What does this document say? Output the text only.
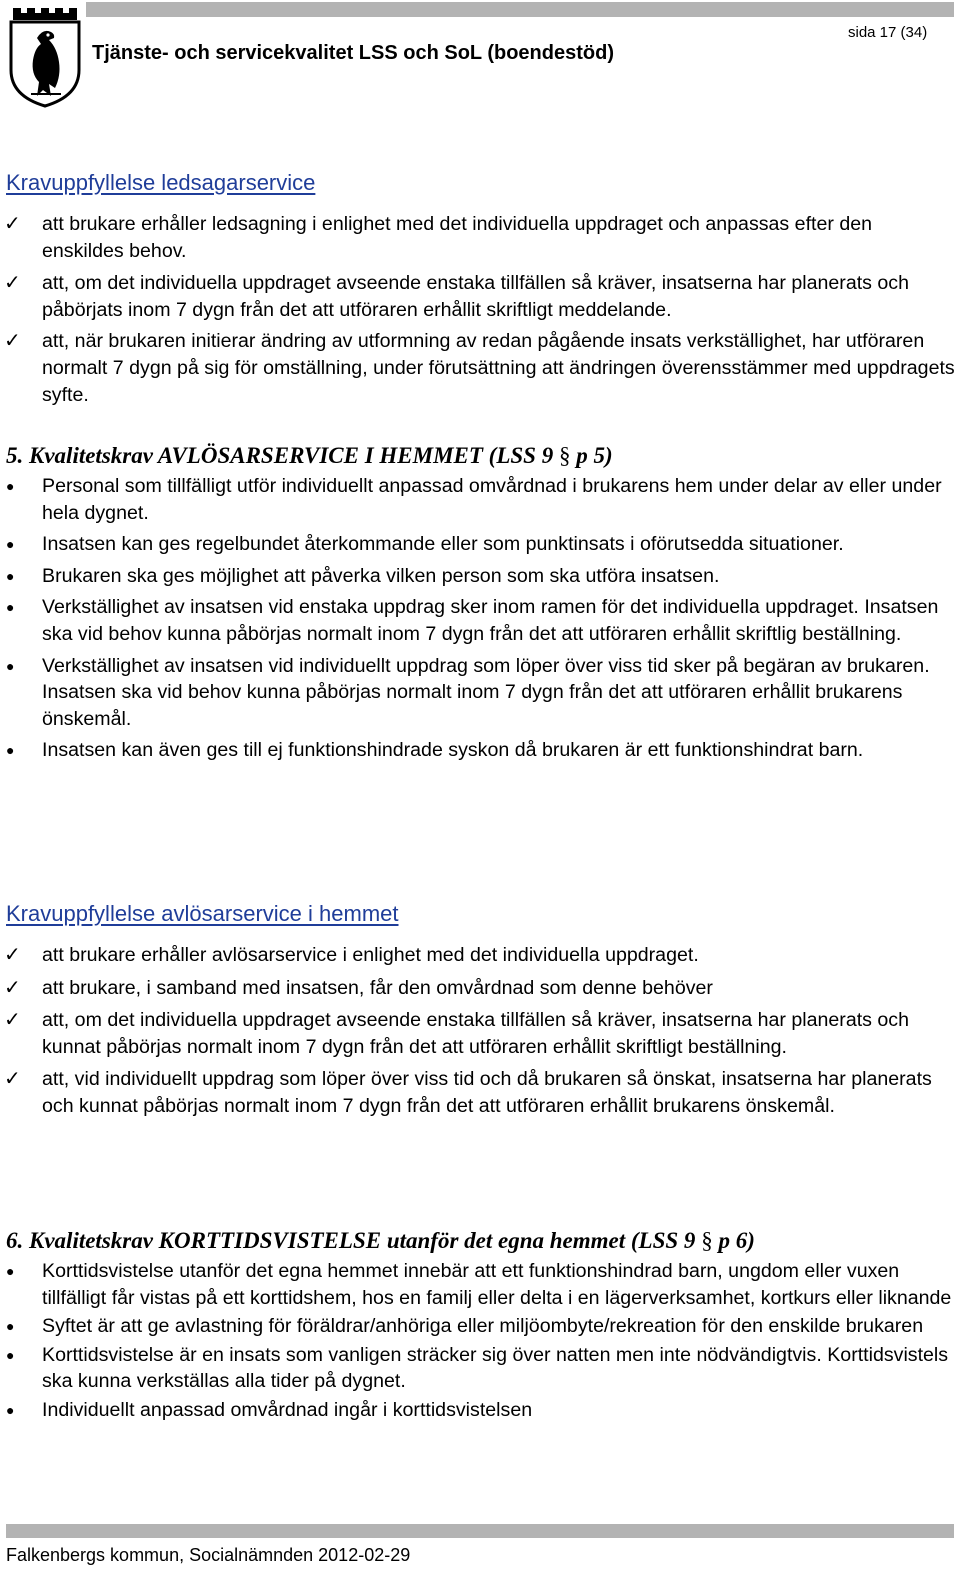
Tjänste- och servicekvalitet LSS och SoL (boendestöd)
sida 17 (34)
Kravuppfyllelse ledsagarservice
✓	att brukare erhåller ledsagning i enlighet med det individuella uppdraget och anpassas efter den enskildes behov.
✓	att, om det individuella uppdraget avseende enstaka tillfällen så kräver, insatserna har planerats och påbörjats inom 7 dygn från det att utföraren erhållit skriftligt meddelande.
✓	att, när brukaren initierar ändring av utformning av redan pågående insats verkställighet, har utföraren normalt 7 dygn på sig för omställning, under förutsättning att ändringen överensstämmer med uppdragets syfte.
5. Kvalitetskrav AVLÖSARSERVICE I HEMMET (LSS 9 § p 5)
●	Personal som tillfälligt utför individuellt anpassad omvårdnad i brukarens hem under delar av eller under hela dygnet.
●	Insatsen kan ges regelbundet återkommande eller som punktinsats i oförutsedda situationer.
●	Brukaren ska ges möjlighet att påverka vilken person som ska utföra insatsen.
●	Verkställighet av insatsen vid enstaka uppdrag sker inom ramen för det individuella uppdraget. Insatsen ska vid behov kunna påbörjas normalt inom 7 dygn från det att utföraren erhållit skriftlig beställning.
●	Verkställighet av insatsen vid individuellt uppdrag som löper över viss tid sker på begäran av brukaren. Insatsen ska vid behov kunna påbörjas normalt inom 7 dygn från det att utföraren erhållit brukarens önskemål.
●	Insatsen kan även ges till ej funktionshindrade syskon då brukaren är ett funktionshindrat barn.
Kravuppfyllelse avlösarservice i hemmet
✓	att brukare erhåller avlösarservice i enlighet med det individuella uppdraget.
✓	att brukare, i samband med insatsen, får den omvårdnad som denne behöver
✓	att, om det individuella uppdraget avseende enstaka tillfällen så kräver, insatserna har planerats och kunnat påbörjas normalt inom 7 dygn från det att utföraren erhållit skriftligt beställning.
✓	att, vid individuellt uppdrag som löper över viss tid och då brukaren så önskat, insatserna har planerats och kunnat påbörjas normalt inom 7 dygn från det att utföraren erhållit brukarens önskemål.
6. Kvalitetskrav KORTTIDSVISTELSE utanför det egna hemmet (LSS 9 § p 6)
●	Korttidsvistelse utanför det egna hemmet innebär att ett funktionshindrad barn, ungdom eller vuxen tillfälligt får vistas på ett korttidshem, hos en familj eller delta i en lägerverksamhet, kortkurs eller liknande
●	Syftet är att ge avlastning för föräldrar/anhöriga eller miljöombyte/rekreation för den enskilde brukaren
●	Korttidsvistelse är en insats som vanligen sträcker sig över natten men inte nödvändigtvis. Korttidsvistels ska kunna verkställas alla tider på dygnet.
●	Individuellt anpassad omvårdnad ingår i korttidsvistelsen
Falkenbergs kommun, Socialnämnden 2012-02-29
